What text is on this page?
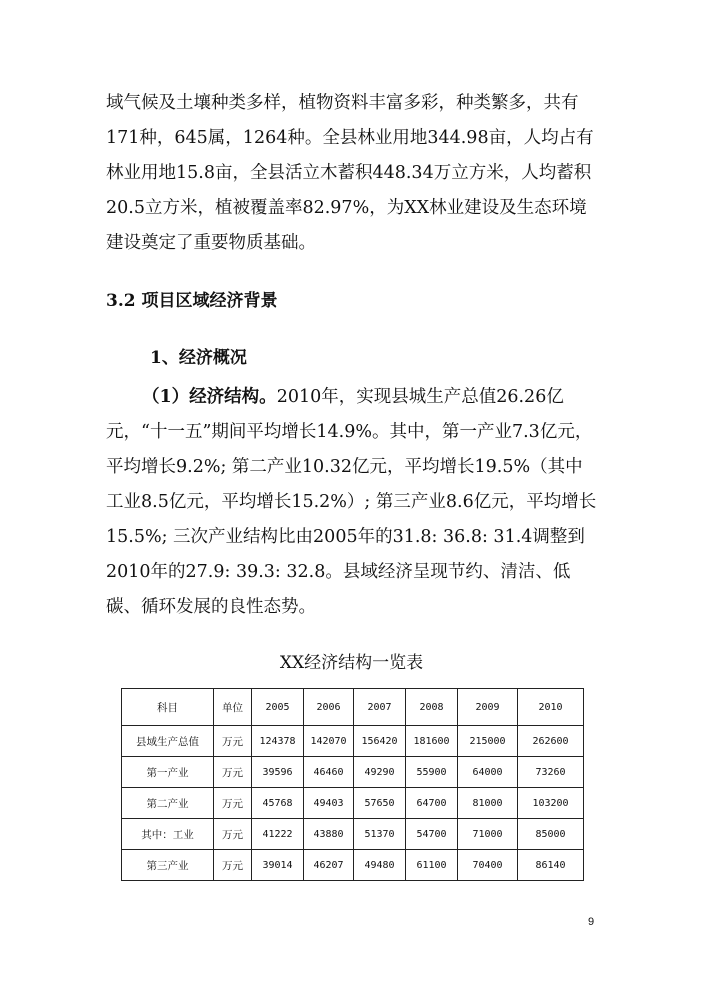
域气候及土壤种类多样，植物资料丰富多彩，种类繁多，共有171种，645属，1264种。全县林业用地344.98亩，人均占有林业用地15.8亩，全县活立木蓄积448.34万立方米，人均蓄积20.5立方米，植被覆盖率82.97%，为XX林业建设及生态环境建设奠定了重要物质基础。

3.2 项目区域经济背景
1、经济概况

（1）经济结构。2010年，实现县城生产总值26.26亿元，“十一五”期间平均增长14.9%。其中，第一产业7.3亿元，平均增长9.2%; 第二产业10.32亿元，平均增长19.5%（其中工业8.5亿元，平均增长15.2%）; 第三产业8.6亿元，平均增长15.5%; 三次产业结构比由2005年的31.8: 36.8: 31.4调整到2010年的27.9: 39.3: 32.8。县域经济呈现节约、清洁、低碳、循环发展的良性态势。

XX经济结构一览表
科目	单位	2005	2006	2007	2008	2009	2010
县域生产总值	万元	124378	142070	156420	181600	215000	262600
第一产业	万元	39596	46460	49290	55900	64000	73260
第二产业	万元	45768	49403	57650	64700	81000	103200
其中：工业	万元	41222	43880	51370	54700	71000	85000
第三产业	万元	39014	46207	49480	61100	70400	86140
9
